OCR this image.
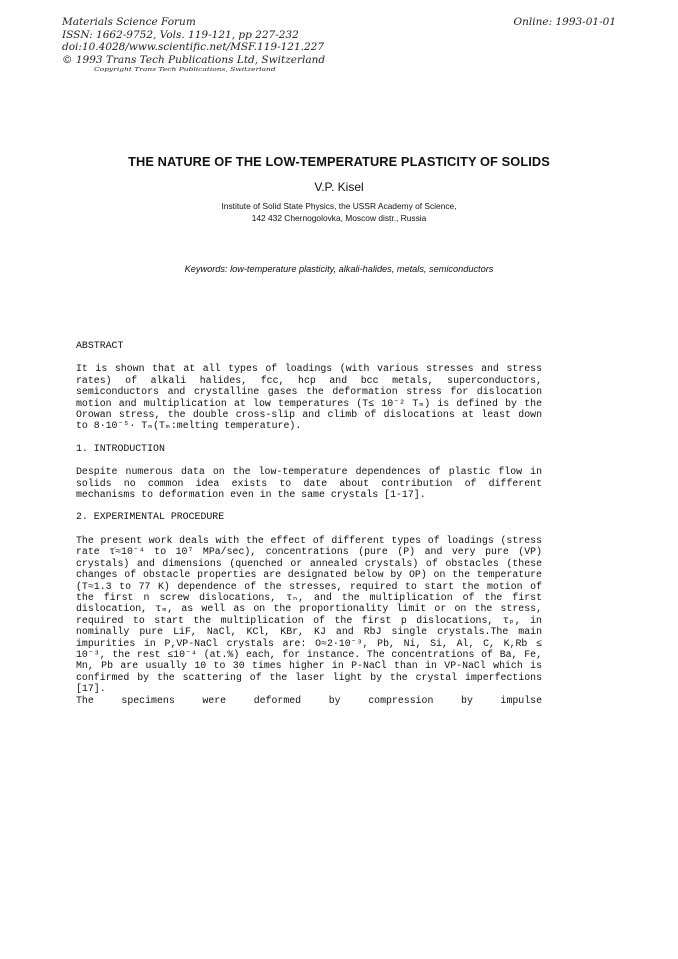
Materials Science Forum
ISSN: 1662-9752, Vols. 119-121, pp 227-232
doi:10.4028/www.scientific.net/MSF.119-121.227
© 1993 Trans Tech Publications Ltd, Switzerland
Online: 1993-01-01
Copyright Trans Tech Publications, Switzerland
THE NATURE OF THE LOW-TEMPERATURE PLASTICITY OF SOLIDS
V.P. Kisel
Institute of Solid State Physics, the USSR Academy of Science,
142 432 Chernogolovka, Moscow distr., Russia
Keywords: low-temperature plasticity, alkali-halides, metals, semiconductors
ABSTRACT
It is shown that at all types of loadings (with various stresses and stress rates) of alkali halides, fcc, hcp and bcc metals, superconductors, semiconductors and crystalline gases the deformation stress for dislocation motion and multiplication at low temperatures (T≤ 10⁻² Tₘ) is defined by the Orowan stress, the double cross-slip and climb of dislocations at least down to 8·10⁻⁵· Tₘ(Tₘ:melting temperature).
1. INTRODUCTION
Despite numerous data on the low-temperature dependences of plastic flow in solids no common idea exists to date about contribution of different mechanisms to deformation even in the same crystals [1-17].
2. EXPERIMENTAL PROCEDURE
The present work deals with the effect of different types of loadings (stress rate τ̇≈10⁻⁴ to 10⁷ MPa/sec), concentrations (pure (P) and very pure (VP) crystals) and dimensions (quenched or annealed crystals) of obstacles (these changes of obstacle properties are designated below by OP) on the temperature (T≈1.3 to 77 K) dependence of the stresses, required to start the motion of the first n screw dislocations, τₙ, and the multiplication of the first dislocation, τₘ, as well as on the proportionality limit or on the stress, required to start the multiplication of the first p dislocations, τₚ, in nominally pure LiF, NaCl, KCl, KBr, KJ and RbJ single crystals.The main impurities in P,VP-NaCl crystals are: O≈2·10⁻³, Pb, Ni, Si, Al, C, K,Rb ≤ 10⁻³, the rest ≤10⁻⁴ (at.%) each, for instance. The concentrations of Ba, Fe, Mn, Pb are usually 10 to 30 times higher in P-NaCl than in VP-NaCl which is confirmed by the scattering of the laser light by the crystal imperfections [17].
The specimens were deformed by compression by impulse
